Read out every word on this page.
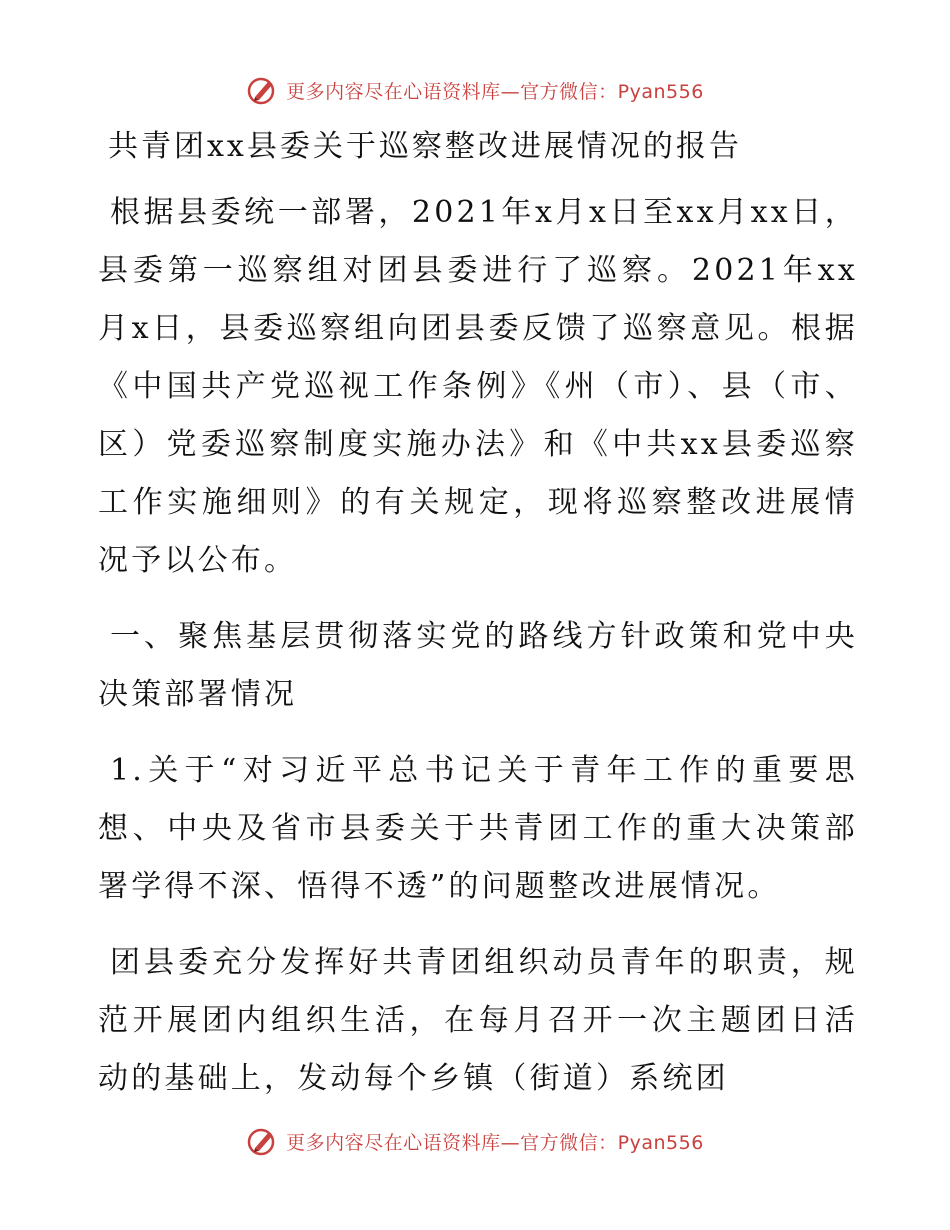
更多内容尽在心语资料库—官方微信：Pyan556
共青团xx县委关于巡察整改进展情况的报告

根据县委统一部署，2021年x月x日至xx月xx日，县委第一巡察组对团县委进行了巡察。2021年xx月x日，县委巡察组向团县委反馈了巡察意见。根据《中国共产党巡视工作条例》《州（市）、县（市、区）党委巡察制度实施办法》和《中共xx县委巡察工作实施细则》的有关规定，现将巡察整改进展情况予以公布。

一、聚焦基层贯彻落实党的路线方针政策和党中央决策部署情况

1.关于“对习近平总书记关于青年工作的重要思想、中央及省市县委关于共青团工作的重大决策部署学得不深、悟得不透”的问题整改进展情况。

团县委充分发挥好共青团组织动员青年的职责，规范开展团内组织生活，在每月召开一次主题团日活动的基础上，发动每个乡镇（街道）系统团

更多内容尽在心语资料库—官方微信：Pyan556
